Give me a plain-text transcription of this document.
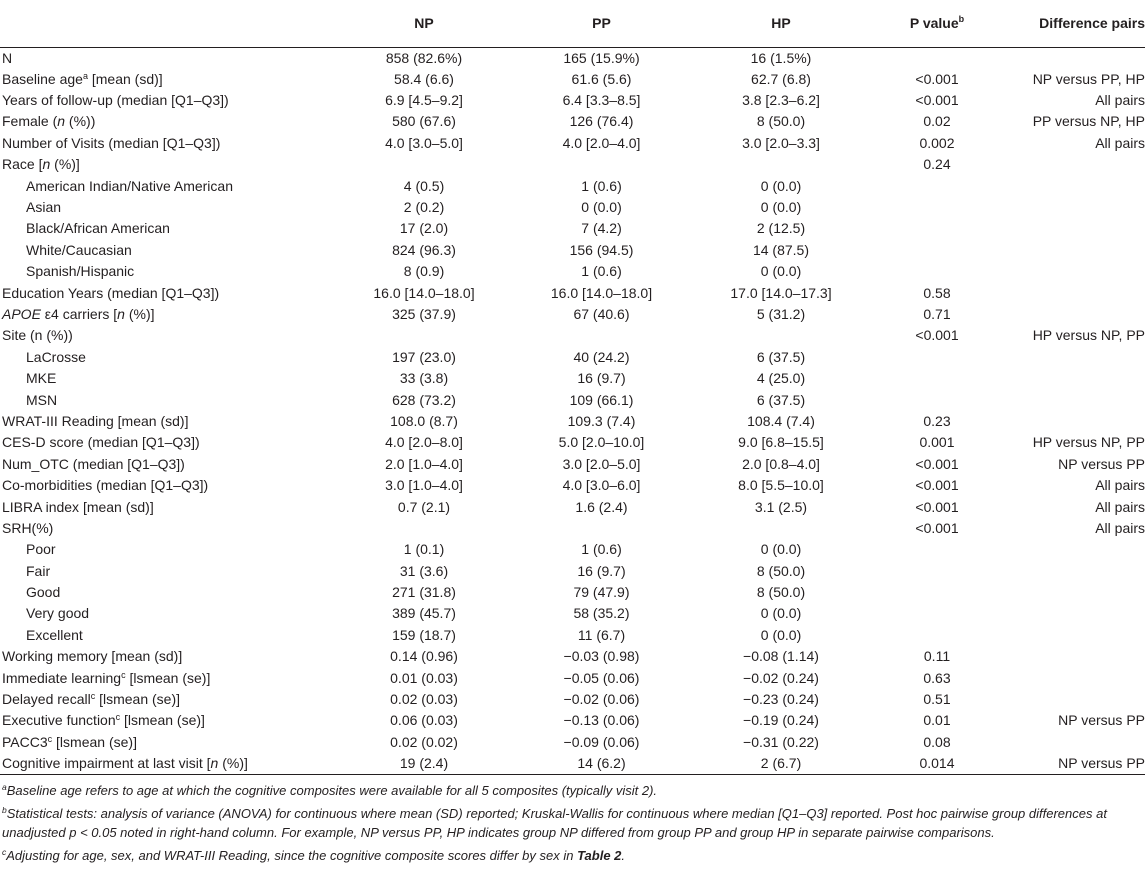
	NP	PP	HP	P value$^b$	Difference pairs
N	858 (82.6%)	165 (15.9%)	16 (1.5%)		
Baseline age$^a$ [mean (sd)]	58.4 (6.6)	61.6 (5.6)	62.7 (6.8)	<0.001	NP versus PP, HP
Years of follow-up (median [Q1–Q3])	6.9 [4.5–9.2]	6.4 [3.3–8.5]	3.8 [2.3–6.2]	<0.001	All pairs
Female (n (%))	580 (67.6)	126 (76.4)	8 (50.0)	0.02	PP versus NP, HP
Number of Visits (median [Q1–Q3])	4.0 [3.0–5.0]	4.0 [2.0–4.0]	3.0 [2.0–3.3]	0.002	All pairs
Race [n (%)]				0.24	
American Indian/Native American	4 (0.5)	1 (0.6)	0 (0.0)		
Asian	2 (0.2)	0 (0.0)	0 (0.0)		
Black/African American	17 (2.0)	7 (4.2)	2 (12.5)		
White/Caucasian	824 (96.3)	156 (94.5)	14 (87.5)		
Spanish/Hispanic	8 (0.9)	1 (0.6)	0 (0.0)		
Education Years (median [Q1–Q3])	16.0 [14.0–18.0]	16.0 [14.0–18.0]	17.0 [14.0–17.3]	0.58	
APOE ε4 carriers [n (%)]	325 (37.9)	67 (40.6)	5 (31.2)	0.71	
Site (n (%))				<0.001	HP versus NP, PP
LaCrosse	197 (23.0)	40 (24.2)	6 (37.5)		
MKE	33 (3.8)	16 (9.7)	4 (25.0)		
MSN	628 (73.2)	109 (66.1)	6 (37.5)		
WRAT-III Reading [mean (sd)]	108.0 (8.7)	109.3 (7.4)	108.4 (7.4)	0.23	
CES-D score (median [Q1–Q3])	4.0 [2.0–8.0]	5.0 [2.0–10.0]	9.0 [6.8–15.5]	0.001	HP versus NP, PP
Num_OTC (median [Q1–Q3])	2.0 [1.0–4.0]	3.0 [2.0–5.0]	2.0 [0.8–4.0]	<0.001	NP versus PP
Co-morbidities (median [Q1–Q3])	3.0 [1.0–4.0]	4.0 [3.0–6.0]	8.0 [5.5–10.0]	<0.001	All pairs
LIBRA index [mean (sd)]	0.7 (2.1)	1.6 (2.4)	3.1 (2.5)	<0.001	All pairs
SRH(%)				<0.001	All pairs
Poor	1 (0.1)	1 (0.6)	0 (0.0)		
Fair	31 (3.6)	16 (9.7)	8 (50.0)		
Good	271 (31.8)	79 (47.9)	8 (50.0)		
Very good	389 (45.7)	58 (35.2)	0 (0.0)		
Excellent	159 (18.7)	11 (6.7)	0 (0.0)		
Working memory [mean (sd)]	0.14 (0.96)	−0.03 (0.98)	−0.08 (1.14)	0.11	
Immediate learning$^c$ [lsmean (se)]	0.01 (0.03)	−0.05 (0.06)	−0.02 (0.24)	0.63	
Delayed recall$^c$ [lsmean (se)]	0.02 (0.03)	−0.02 (0.06)	−0.23 (0.24)	0.51	
Executive function$^c$ [lsmean (se)]	0.06 (0.03)	−0.13 (0.06)	−0.19 (0.24)	0.01	NP versus PP
PACC3$^c$ [lsmean (se)]	0.02 (0.02)	−0.09 (0.06)	−0.31 (0.22)	0.08	
Cognitive impairment at last visit [n (%)]	19 (2.4)	14 (6.2)	2 (6.7)	0.014	NP versus PP

$^a$Baseline age refers to age at which the cognitive composites were available for all 5 composites (typically visit 2).

$^b$Statistical tests: analysis of variance (ANOVA) for continuous where mean (SD) reported; Kruskal-Wallis for continuous where median [Q1–Q3] reported. Post hoc pairwise group differences at unadjusted p < 0.05 noted in right-hand column. For example, NP versus PP, HP indicates group NP differed from group PP and group HP in separate pairwise comparisons.

$^c$Adjusting for age, sex, and WRAT-III Reading, since the cognitive composite scores differ by sex in Table 2.
